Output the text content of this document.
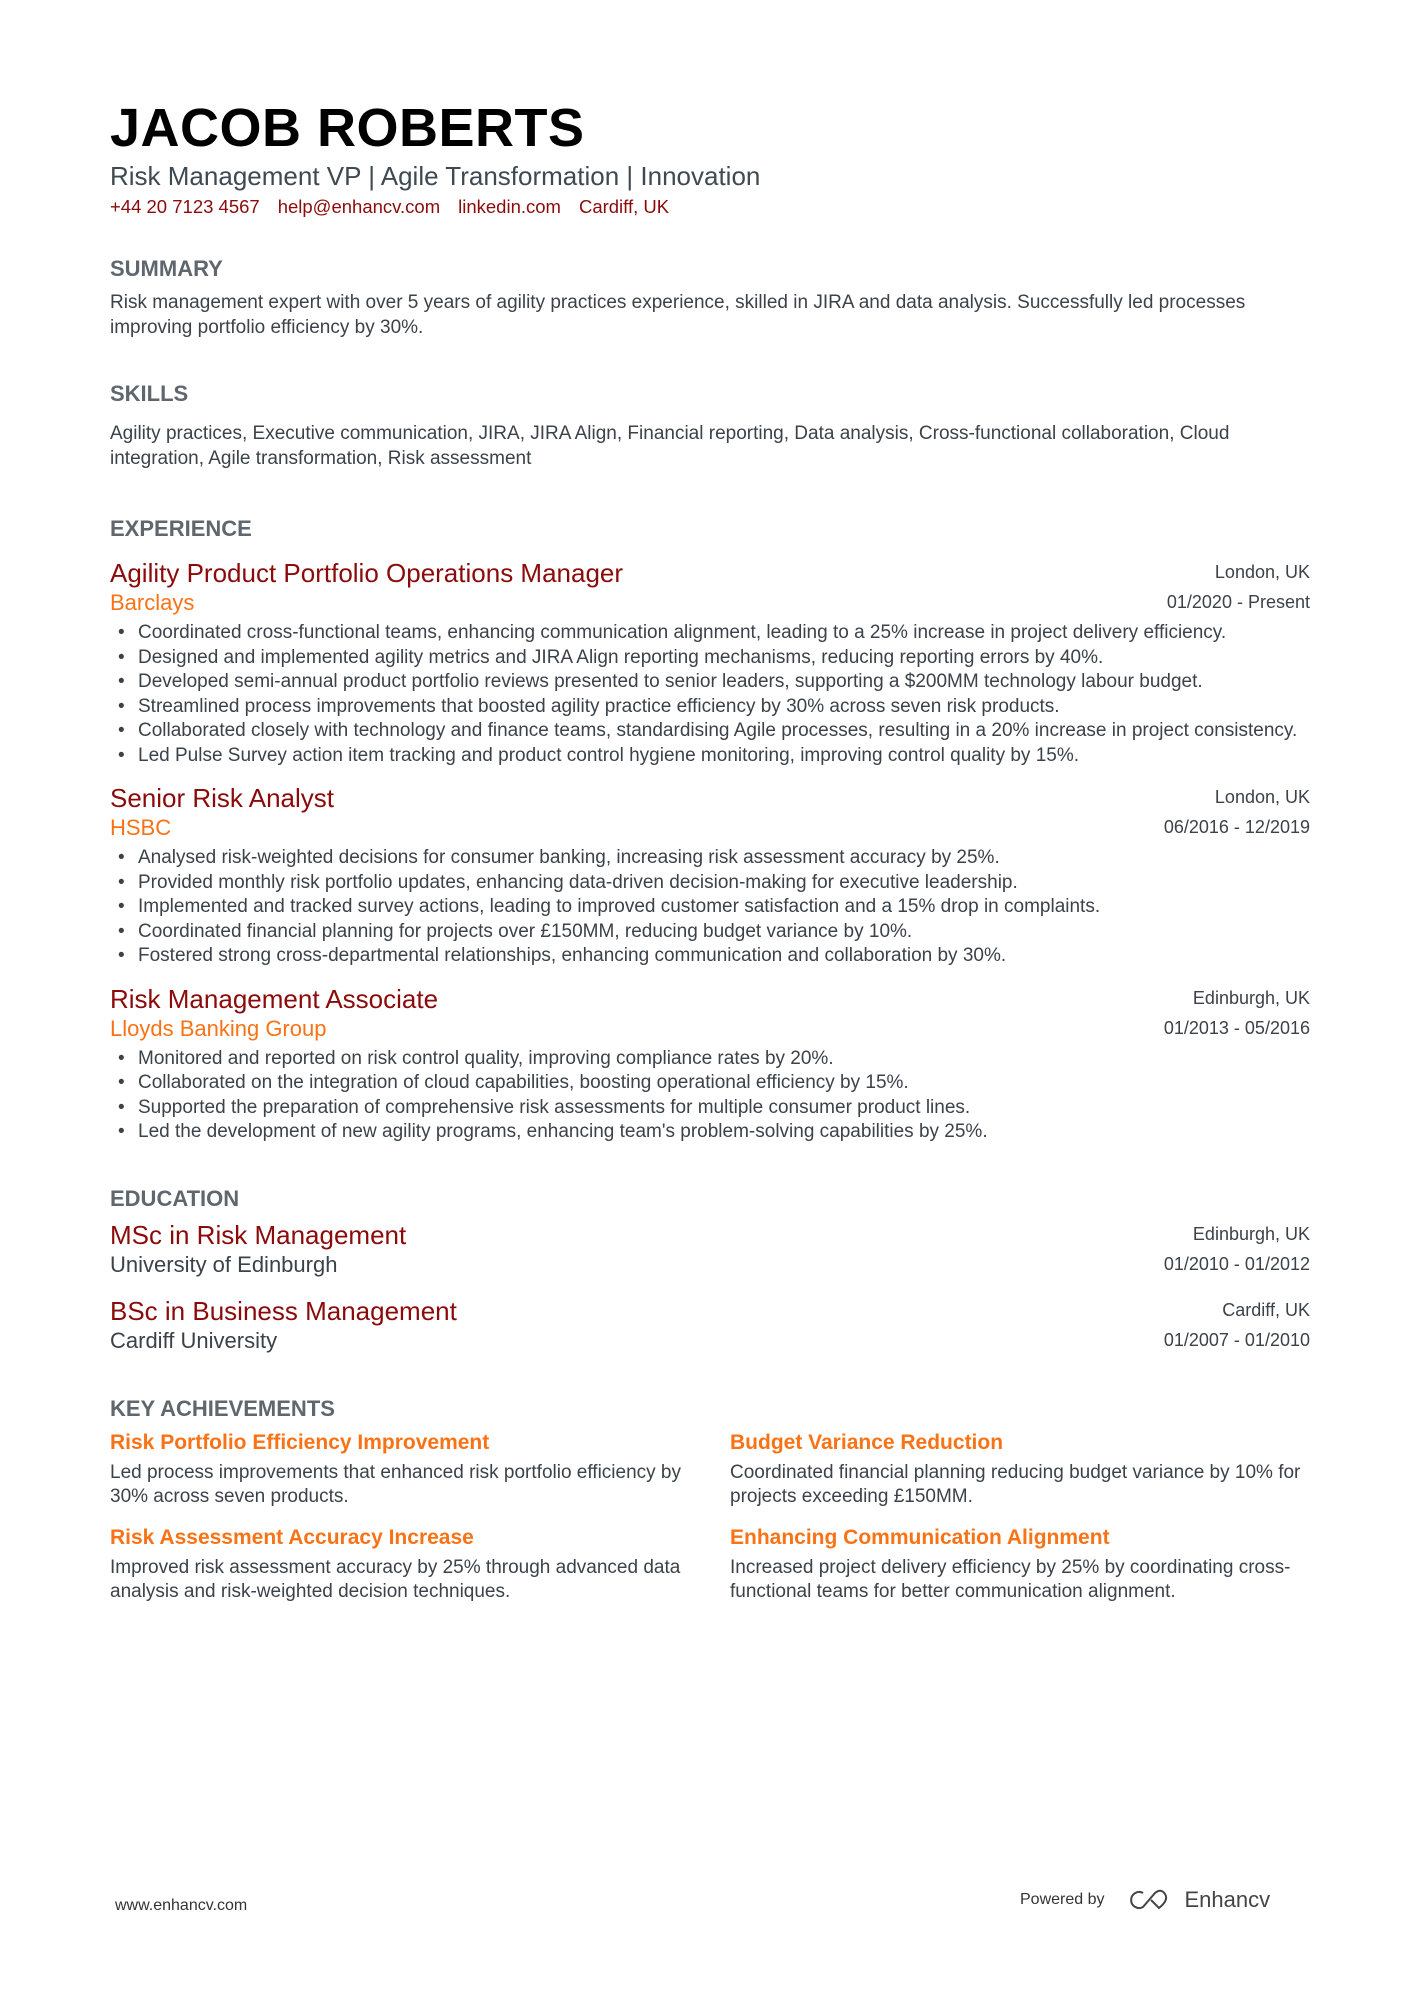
JACOB ROBERTS
Risk Management VP | Agile Transformation | Innovation
+44 20 7123 4567 help@enhancv.com linkedin.com Cardiff, UK
SUMMARY
Risk management expert with over 5 years of agility practices experience, skilled in JIRA and data analysis. Successfully led processes improving portfolio efficiency by 30%.
SKILLS
Agility practices, Executive communication, JIRA, JIRA Align, Financial reporting, Data analysis, Cross-functional collaboration, Cloud integration, Agile transformation, Risk assessment
EXPERIENCE
Agility Product Portfolio Operations Manager
Barclays
London, UK
01/2020 - Present
• Coordinated cross-functional teams, enhancing communication alignment, leading to a 25% increase in project delivery efficiency.
• Designed and implemented agility metrics and JIRA Align reporting mechanisms, reducing reporting errors by 40%.
• Developed semi-annual product portfolio reviews presented to senior leaders, supporting a $200MM technology labour budget.
• Streamlined process improvements that boosted agility practice efficiency by 30% across seven risk products.
• Collaborated closely with technology and finance teams, standardising Agile processes, resulting in a 20% increase in project consistency.
• Led Pulse Survey action item tracking and product control hygiene monitoring, improving control quality by 15%.
Senior Risk Analyst
HSBC
London, UK
06/2016 - 12/2019
• Analysed risk-weighted decisions for consumer banking, increasing risk assessment accuracy by 25%.
• Provided monthly risk portfolio updates, enhancing data-driven decision-making for executive leadership.
• Implemented and tracked survey actions, leading to improved customer satisfaction and a 15% drop in complaints.
• Coordinated financial planning for projects over £150MM, reducing budget variance by 10%.
• Fostered strong cross-departmental relationships, enhancing communication and collaboration by 30%.
Risk Management Associate
Lloyds Banking Group
Edinburgh, UK
01/2013 - 05/2016
• Monitored and reported on risk control quality, improving compliance rates by 20%.
• Collaborated on the integration of cloud capabilities, boosting operational efficiency by 15%.
• Supported the preparation of comprehensive risk assessments for multiple consumer product lines.
• Led the development of new agility programs, enhancing team's problem-solving capabilities by 25%.
EDUCATION
MSc in Risk Management
University of Edinburgh
Edinburgh, UK
01/2010 - 01/2012
BSc in Business Management
Cardiff University
Cardiff, UK
01/2007 - 01/2010
KEY ACHIEVEMENTS
Risk Portfolio Efficiency Improvement
Led process improvements that enhanced risk portfolio efficiency by 30% across seven products.
Budget Variance Reduction
Coordinated financial planning reducing budget variance by 10% for projects exceeding £150MM.
Risk Assessment Accuracy Increase
Improved risk assessment accuracy by 25% through advanced data analysis and risk-weighted decision techniques.
Enhancing Communication Alignment
Increased project delivery efficiency by 25% by coordinating cross-functional teams for better communication alignment.
www.enhancv.com	Powered by	Enhancv
